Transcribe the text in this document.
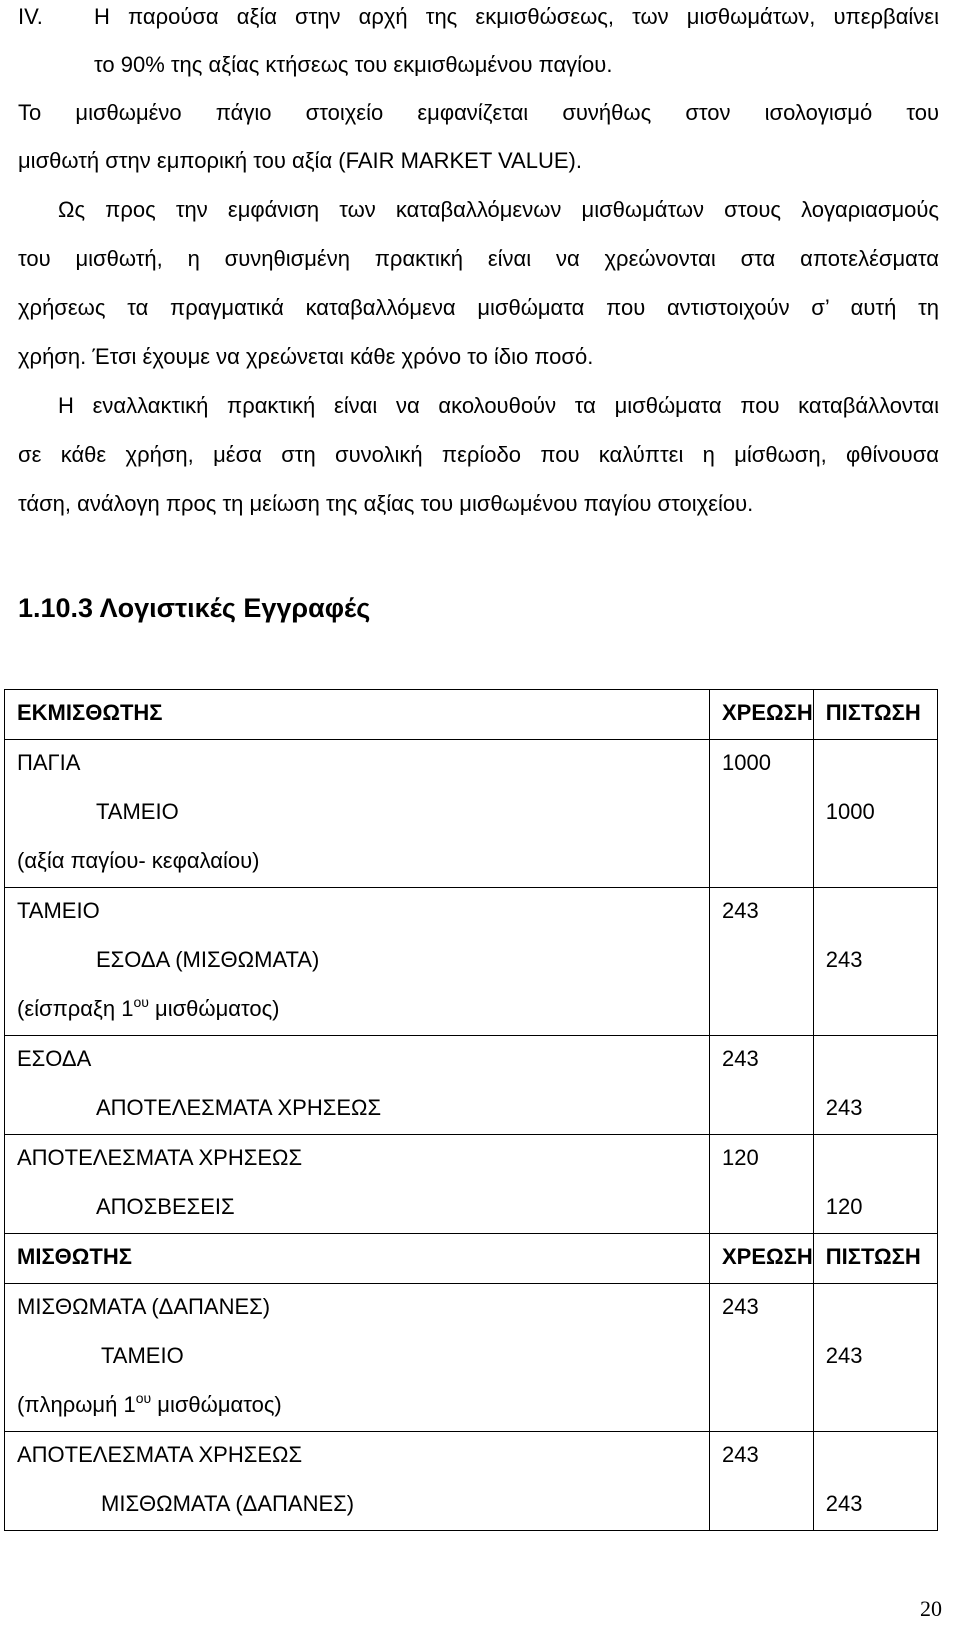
IV. Η παρούσα αξία στην αρχή της εκμισθώσεως, των μισθωμάτων, υπερβαίνει
το 90% της αξίας κτήσεως του εκμισθωμένου παγίου.
Το μισθωμένο πάγιο στοιχείο εμφανίζεται συνήθως στον ισολογισμό του
μισθωτή στην εμπορική του αξία (FAIR MARKET VALUE).
Ως προς την εμφάνιση των καταβαλλόμενων μισθωμάτων στους λογαριασμούς
του μισθωτή, η συνηθισμένη πρακτική είναι να χρεώνονται στα αποτελέσματα
χρήσεως τα πραγματικά καταβαλλόμενα μισθώματα που αντιστοιχούν σ’ αυτή τη
χρήση. Έτσι έχουμε να χρεώνεται κάθε χρόνο το ίδιο ποσό.
Η εναλλακτική πρακτική είναι να ακολουθούν τα μισθώματα που καταβάλλονται
σε κάθε χρήση, μέσα στη συνολική περίοδο που καλύπτει η μίσθωση, φθίνουσα
τάση, ανάλογη προς τη μείωση της αξίας του μισθωμένου παγίου στοιχείου.
1.10.3 Λογιστικές Εγγραφές
ΕΚΜΙΣΘΩΤΗΣ	ΧΡΕΩΣΗ	ΠΙΣΤΩΣΗ

ΠΑΓΙΑ
ΤΑΜΕΙΟ
(αξία παγίου- κεφαλαίου)	1000	1000

ΤΑΜΕΙΟ
ΕΣΟΔΑ (ΜΙΣΘΩΜΑΤΑ)
(είσπραξη $1^{o\upsilon}$ μισθώματος)	243	243

ΕΣΟΔΑ
ΑΠΟΤΕΛΕΣΜΑΤΑ ΧΡΗΣΕΩΣ	243	243

ΑΠΟΤΕΛΕΣΜΑΤΑ ΧΡΗΣΕΩΣ
ΑΠΟΣΒΕΣΕΙΣ	120	120

ΜΙΣΘΩΤΗΣ	ΧΡΕΩΣΗ	ΠΙΣΤΩΣΗ

ΜΙΣΘΩΜΑΤΑ (ΔΑΠΑΝΕΣ)
ΤΑΜΕΙΟ
(πληρωμή $1^{o\upsilon}$ μισθώματος)	243	243

ΑΠΟΤΕΛΕΣΜΑΤΑ ΧΡΗΣΕΩΣ
ΜΙΣΘΩΜΑΤΑ (ΔΑΠΑΝΕΣ)	243	243
20
